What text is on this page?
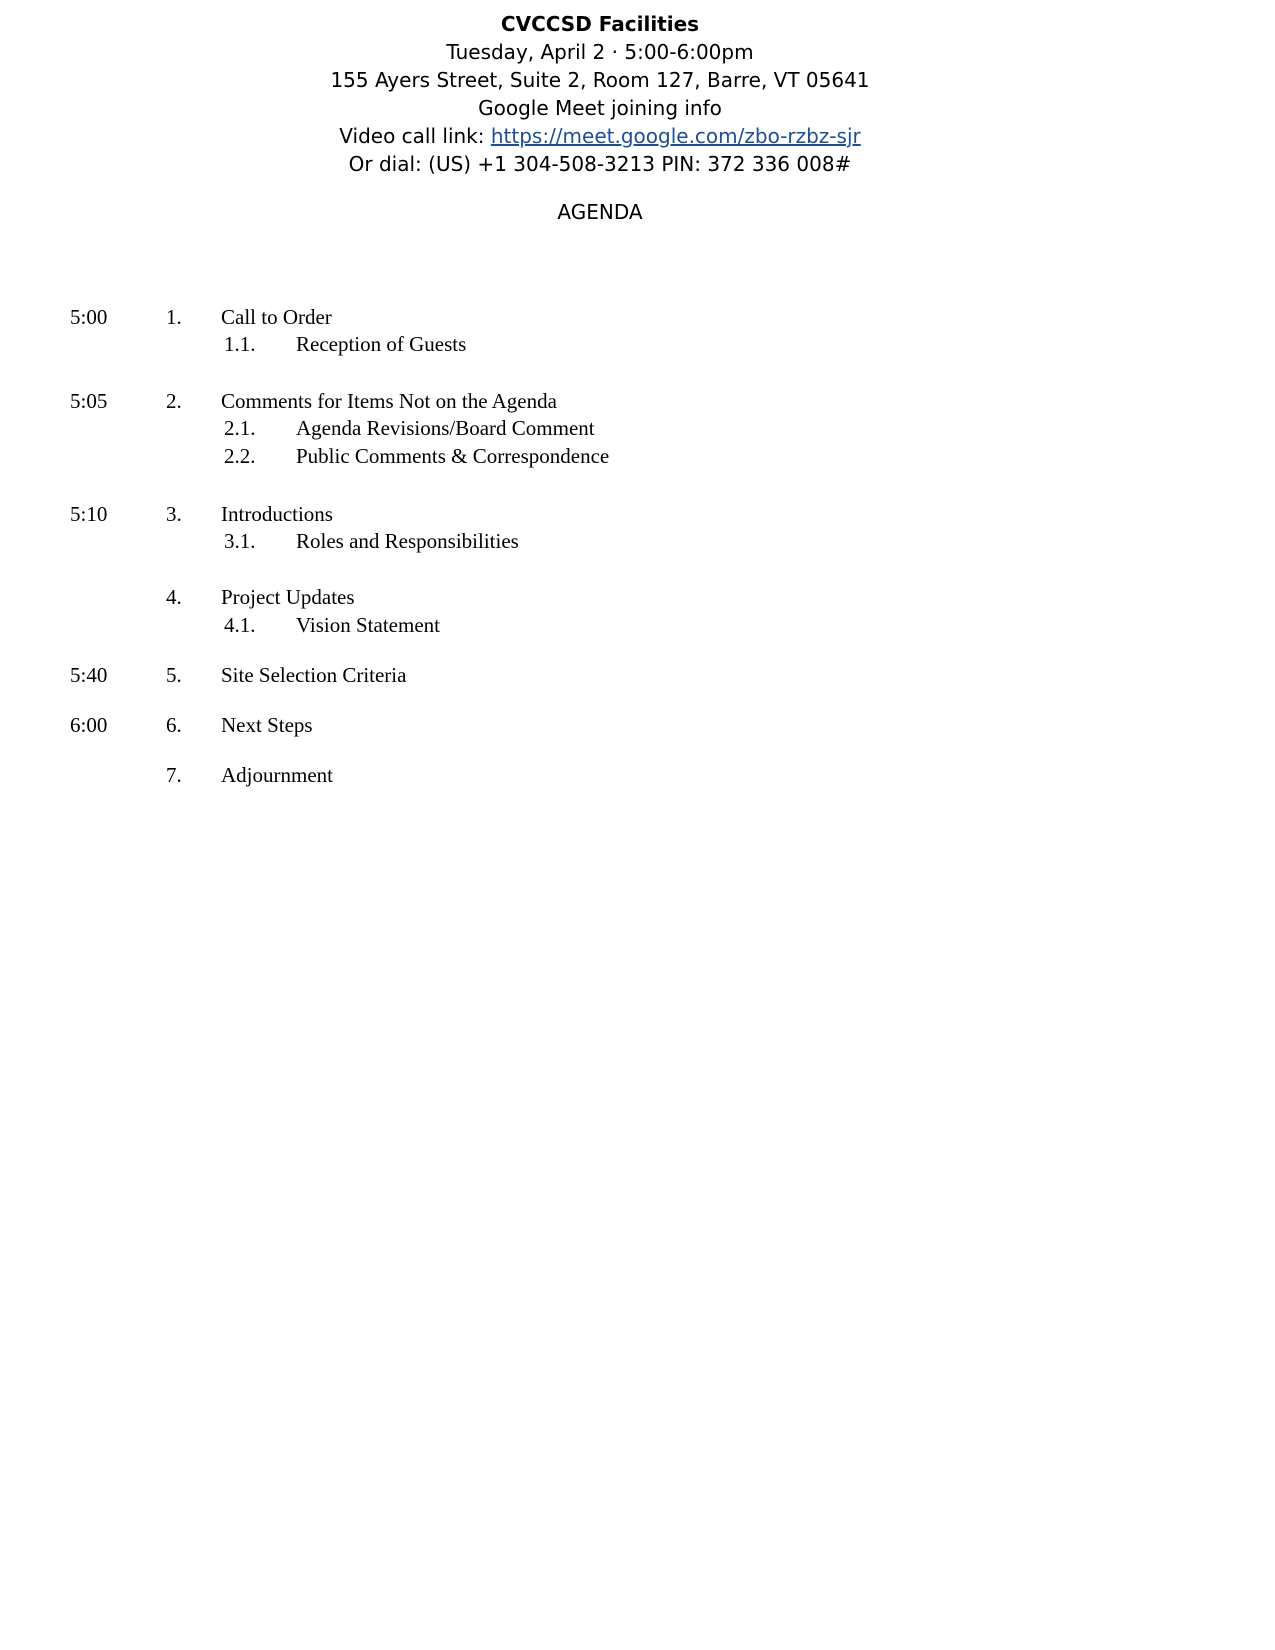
CVCCSD Facilities
Tuesday, April 2 · 5:00-6:00pm
155 Ayers Street, Suite 2, Room 127, Barre, VT 05641
Google Meet joining info
Video call link: https://meet.google.com/zbo-rzbz-sjr
Or dial: (US) +1 304-508-3213 PIN: 372 336 008#
AGENDA
5:00	1. Call to Order
1.1. Reception of Guests
5:05	2. Comments for Items Not on the Agenda
2.1. Agenda Revisions/Board Comment
2.2. Public Comments & Correspondence
5:10	3. Introductions
3.1. Roles and Responsibilities
4. Project Updates
4.1. Vision Statement
5:40	5. Site Selection Criteria
6:00	6. Next Steps
7. Adjournment
